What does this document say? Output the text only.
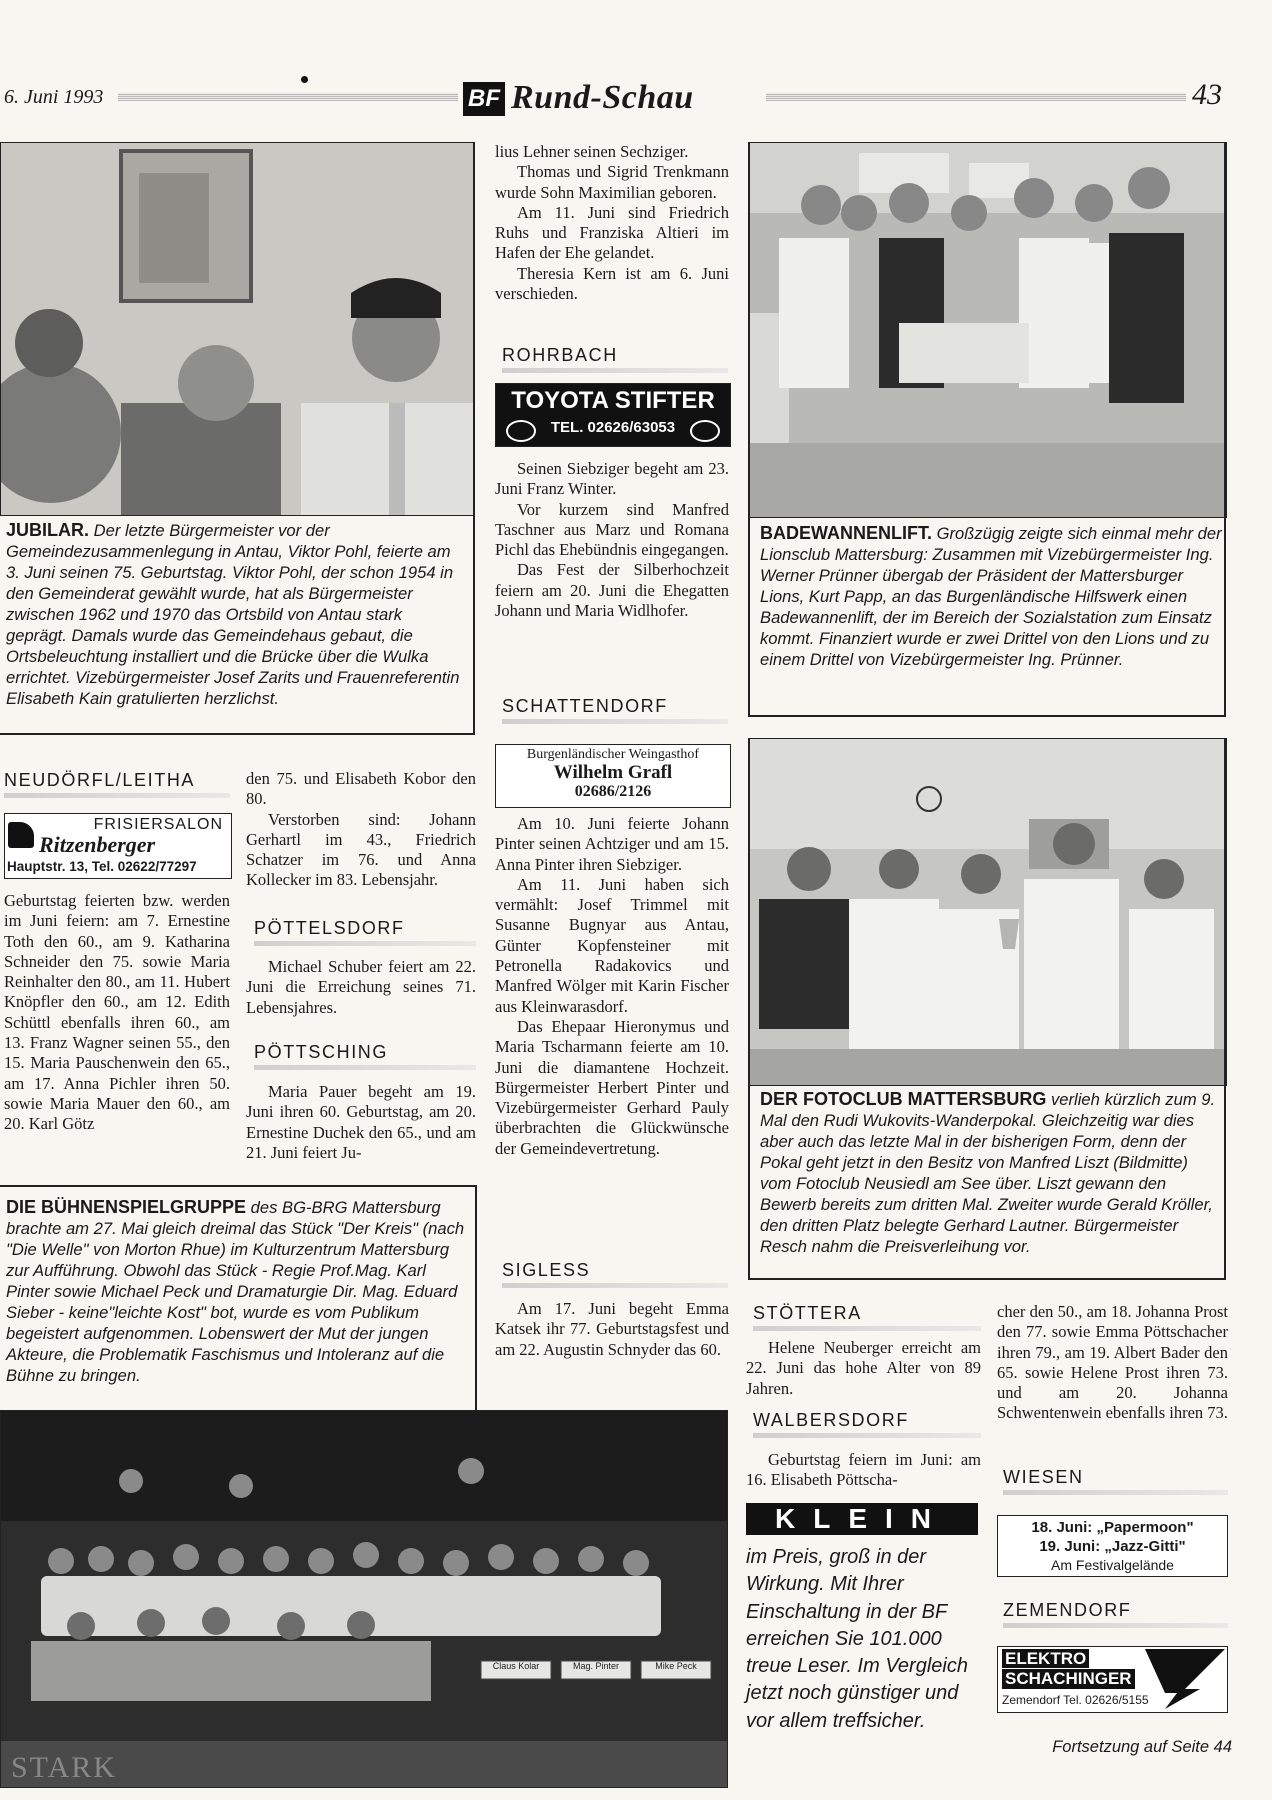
6. Juni 1993	BF Rund-Schau	43
JUBILAR. Der letzte Bürgermeister vor der Gemeindezusammenlegung in Antau, Viktor Pohl, feierte am 3. Juni seinen 75. Geburtstag. Viktor Pohl, der schon 1954 in den Gemeinderat gewählt wurde, hat als Bürgermeister zwischen 1962 und 1970 das Ortsbild von Antau stark geprägt. Damals wurde das Gemeindehaus gebaut, die Ortsbeleuchtung installiert und die Brücke über die Wulka errichtet. Vizebürgermeister Josef Zarits und Frauenreferentin Elisabeth Kain gratulierten herzlichst.
NEUDÖRFL/LEITHA
FRISIERSALON
Ritzenberger
Hauptstr. 13, Tel. 02622/77297
Geburtstag feierten bzw. werden im Juni feiern: am 7. Ernestine Toth den 60., am 9. Katharina Schneider den 75. sowie Maria Reinhalter den 80., am 11. Hubert Knöpfler den 60., am 12. Edith Schüttl ebenfalls ihren 60., am 13. Franz Wagner seinen 55., den 15. Maria Pauschenwein den 65., am 17. Anna Pichler ihren 50. sowie Maria Mauer den 60., am 20. Karl Götz
den 75. und Elisabeth Kobor den 80.

Verstorben sind: Johann Gerhartl im 43., Friedrich Schatzer im 76. und Anna Kollecker im 83. Lebensjahr.

PÖTTELSDORF

Michael Schuber feiert am 22. Juni die Erreichung seines 71. Lebensjahres.

PÖTTSCHING

Maria Pauer begeht am 19. Juni ihren 60. Geburtstag, am 20. Ernestine Duchek den 65., und am 21. Juni feiert Ju-

DIE BÜHNENSPIELGRUPPE des BG-BRG Mattersburg brachte am 27. Mai gleich dreimal das Stück "Der Kreis" (nach "Die Welle" von Morton Rhue) im Kulturzentrum Mattersburg zur Aufführung. Obwohl das Stück - Regie Prof.Mag. Karl Pinter sowie Michael Peck und Dramaturgie Dir. Mag. Eduard Sieber - keine"leichte Kost" bot, wurde es vom Publikum begeistert aufgenommen. Lobenswert der Mut der jungen Akteure, die Problematik Faschismus und Intoleranz auf die Bühne zu bringen.
Claus Kolar	Mag. Pinter	Mike Peck
STARK
lius Lehner seinen Sechziger.

Thomas und Sigrid Trenkmann wurde Sohn Maximilian geboren.

Am 11. Juni sind Friedrich Ruhs und Franziska Altieri im Hafen der Ehe gelandet.

Theresia Kern ist am 6. Juni verschieden.

ROHRBACH
TOYOTA STIFTER
TEL. 02626/63053

Seinen Siebziger begeht am 23. Juni Franz Winter.

Vor kurzem sind Manfred Taschner aus Marz und Romana Pichl das Ehebündnis eingegangen.

Das Fest der Silberhochzeit feiern am 20. Juni die Ehegatten Johann und Maria Widlhofer.

SCHATTENDORF
Burgenländischer Weingasthof
Wilhelm Grafl
02686/2126

Am 10. Juni feierte Johann Pinter seinen Achtziger und am 15. Anna Pinter ihren Siebziger.

Am 11. Juni haben sich vermählt: Josef Trimmel mit Susanne Bugnyar aus Antau, Günter Kopfensteiner mit Petronella Radakovics und Manfred Wölger mit Karin Fischer aus Kleinwarasdorf.

Das Ehepaar Hieronymus und Maria Tscharmann feierte am 10. Juni die diamantene Hochzeit. Bürgermeister Herbert Pinter und Vizebürgermeister Gerhard Pauly überbrachten die Glückwünsche der Gemeindevertretung.

SIGLESS

Am 17. Juni begeht Emma Katsek ihr 77. Geburtstagsfest und am 22. Augustin Schnyder das 60.

BADEWANNENLIFT. Großzügig zeigte sich einmal mehr der Lionsclub Mattersburg: Zusammen mit Vizebürgermeister Ing. Werner Prünner übergab der Präsident der Mattersburger Lions, Kurt Papp, an das Burgenländische Hilfswerk einen Badewannenlift, der im Bereich der Sozialstation zum Einsatz kommt. Finanziert wurde er zwei Drittel von den Lions und zu einem Drittel von Vizebürgermeister Ing. Prünner.
DER FOTOCLUB MATTERSBURG verlieh kürzlich zum 9. Mal den Rudi Wukovits-Wanderpokal. Gleichzeitig war dies aber auch das letzte Mal in der bisherigen Form, denn der Pokal geht jetzt in den Besitz von Manfred Liszt (Bildmitte) vom Fotoclub Neusiedl am See über. Liszt gewann den Bewerb bereits zum dritten Mal. Zweiter wurde Gerald Kröller, den dritten Platz belegte Gerhard Lautner. Bürgermeister Resch nahm die Preisverleihung vor.
STÖTTERA

Helene Neuberger erreicht am 22. Juni das hohe Alter von 89 Jahren.

WALBERSDORF

Geburtstag feiern im Juni: am 16. Elisabeth Pöttscha-

KLEIN
im Preis, groß in der Wirkung. Mit Ihrer Einschaltung in der BF erreichen Sie 101.000 treue Leser. Im Vergleich jetzt noch günstiger und vor allem treffsicher.
cher den 50., am 18. Johanna Prost den 77. sowie Emma Pöttschacher ihren 79., am 19. Albert Bader den 65. sowie Helene Prost ihren 73. und am 20. Johanna Schwentenwein ebenfalls ihren 73.
WIESEN
18. Juni: „Papermoon"
19. Juni: „Jazz-Gitti"
Am Festivalgelände
ZEMENDORF
ELEKTRO
SCHACHINGER
Zemendorf Tel. 02626/5155
Fortsetzung auf Seite 44
